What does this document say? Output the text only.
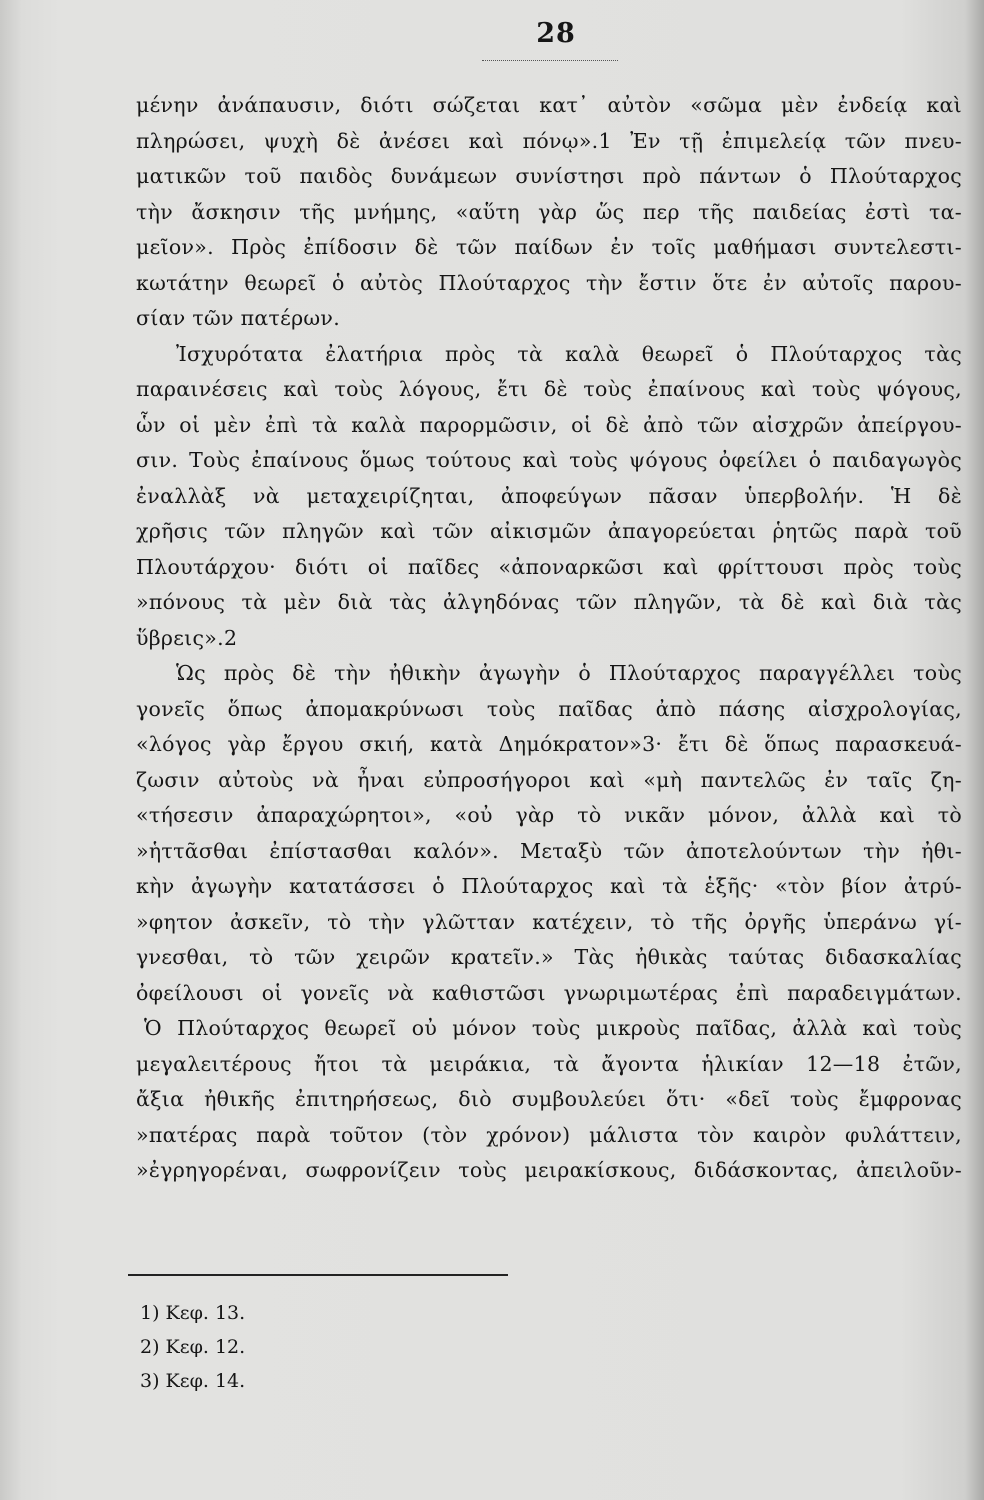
28
μένην ἀνάπαυσιν, διότι σώζεται κατ᾽ αὐτὸν «σῶμα μὲν ἐνδείᾳ καὶ
πληρώσει, ψυχὴ δὲ ἀνέσει καὶ πόνῳ».1 Ἐν τῇ ἐπιμελείᾳ τῶν πνευ-
ματικῶν τοῦ παιδὸς δυνάμεων συνίστησι πρὸ πάντων ὁ Πλούταρχος
τὴν ἄσκησιν τῆς μνήμης, «αὕτη γὰρ ὥς περ τῆς παιδείας ἐστὶ τα-
μεῖον». Πρὸς ἐπίδοσιν δὲ τῶν παίδων ἐν τοῖς μαθήμασι συντελεστι-
κωτάτην θεωρεῖ ὁ αὐτὸς Πλούταρχος τὴν ἔστιν ὅτε ἐν αὐτοῖς παρου-
σίαν τῶν πατέρων.
Ἰσχυρότατα ἐλατήρια πρὸς τὰ καλὰ θεωρεῖ ὁ Πλούταρχος τὰς
παραινέσεις καὶ τοὺς λόγους, ἔτι δὲ τοὺς ἐπαίνους καὶ τοὺς ψόγους,
ὧν οἱ μὲν ἐπὶ τὰ καλὰ παρορμῶσιν, οἱ δὲ ἀπὸ τῶν αἰσχρῶν ἀπείργου-
σιν. Τοὺς ἐπαίνους ὅμως τούτους καὶ τοὺς ψόγους ὀφείλει ὁ παιδαγωγὸς
ἐναλλὰξ νὰ μεταχειρίζηται, ἀποφεύγων πᾶσαν ὑπερβολήν. Ἡ δὲ
χρῆσις τῶν πληγῶν καὶ τῶν αἰκισμῶν ἀπαγορεύεται ῥητῶς παρὰ τοῦ
Πλουτάρχου· διότι οἱ παῖδες «ἀποναρκῶσι καὶ φρίττουσι πρὸς τοὺς
»πόνους τὰ μὲν διὰ τὰς ἀλγηδόνας τῶν πληγῶν, τὰ δὲ καὶ διὰ τὰς
ὕβρεις».2
Ὡς πρὸς δὲ τὴν ἠθικὴν ἀγωγὴν ὁ Πλούταρχος παραγγέλλει τοὺς
γονεῖς ὅπως ἀπομακρύνωσι τοὺς παῖδας ἀπὸ πάσης αἰσχρολογίας,
«λόγος γὰρ ἔργου σκιή, κατὰ Δημόκρατον»3· ἔτι δὲ ὅπως παρασκευά-
ζωσιν αὐτοὺς νὰ ἦναι εὐπροσήγοροι καὶ «μὴ παντελῶς ἐν ταῖς ζη-
«τήσεσιν ἀπαραχώρητοι», «οὐ γὰρ τὸ νικᾶν μόνον, ἀλλὰ καὶ τὸ
»ἡττᾶσθαι ἐπίστασθαι καλόν». Μεταξὺ τῶν ἀποτελούντων τὴν ἠθι-
κὴν ἀγωγὴν κατατάσσει ὁ Πλούταρχος καὶ τὰ ἑξῆς· «τὸν βίον ἀτρύ-
»φητον ἀσκεῖν, τὸ τὴν γλῶτταν κατέχειν, τὸ τῆς ὀργῆς ὑπεράνω γί-
γνεσθαι, τὸ τῶν χειρῶν κρατεῖν.» Τὰς ἠθικὰς ταύτας διδασκαλίας
ὀφείλουσι οἱ γονεῖς νὰ καθιστῶσι γνωριμωτέρας ἐπὶ παραδειγμάτων.
Ὁ Πλούταρχος θεωρεῖ οὐ μόνον τοὺς μικροὺς παῖδας, ἀλλὰ καὶ τοὺς
μεγαλειτέρους ἤτοι τὰ μειράκια, τὰ ἄγοντα ἡλικίαν 12—18 ἐτῶν,
ἄξια ἠθικῆς ἐπιτηρήσεως, διὸ συμβουλεύει ὅτι· «δεῖ τοὺς ἔμφρονας
»πατέρας παρὰ τοῦτον (τὸν χρόνον) μάλιστα τὸν καιρὸν φυλάττειν,
»ἐγρηγορέναι, σωφρονίζειν τοὺς μειρακίσκους, διδάσκοντας, ἀπειλοῦν-
1) Κεφ. 13.
2) Κεφ. 12.
3) Κεφ. 14.
